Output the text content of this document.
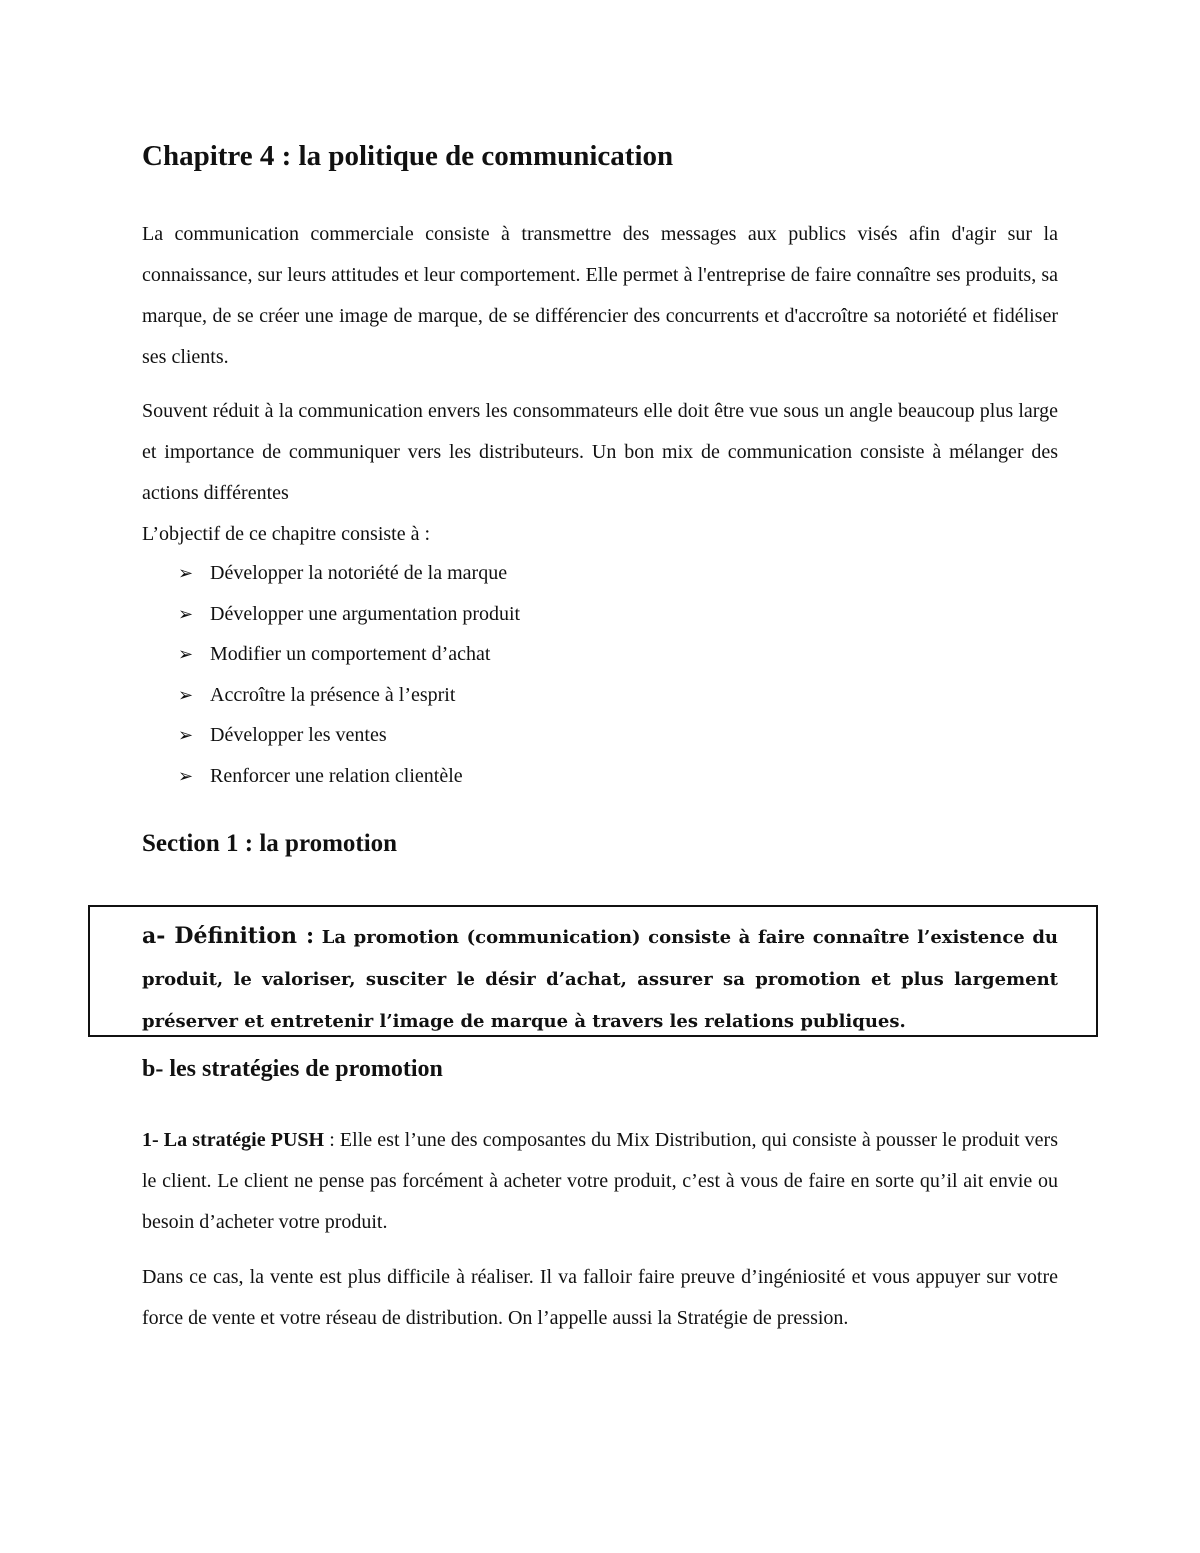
Chapitre 4 : la politique de communication
La communication commerciale consiste à transmettre des messages aux publics visés afin d'agir sur la connaissance, sur leurs attitudes et leur comportement. Elle permet à l'entreprise de faire connaître ses produits, sa marque, de se créer une image de marque, de se différencier des concurrents et d'accroître sa notoriété et fidéliser ses clients.
Souvent réduit à la communication envers les consommateurs elle doit être vue sous un angle beaucoup plus large et importance de communiquer vers les distributeurs. Un bon mix de communication consiste à mélanger des actions différentes
L’objectif de ce chapitre consiste à :
➢ Développer la notoriété de la marque
➢ Développer une argumentation produit
➢ Modifier un comportement d’achat
➢ Accroître la présence à l’esprit
➢ Développer les ventes
➢ Renforcer une relation clientèle
Section 1 : la promotion
a- Définition : La promotion (communication) consiste à faire connaître l’existence du produit, le valoriser, susciter le désir d’achat, assurer sa promotion et plus largement préserver et entretenir l’image de marque à travers les relations publiques.
b- les stratégies de promotion
1- La stratégie PUSH : Elle est l’une des composantes du Mix Distribution, qui consiste à pousser le produit vers le client. Le client ne pense pas forcément à acheter votre produit, c’est à vous de faire en sorte qu’il ait envie ou besoin d’acheter votre produit.
Dans ce cas, la vente est plus difficile à réaliser. Il va falloir faire preuve d’ingéniosité et vous appuyer sur votre force de vente et votre réseau de distribution. On l’appelle aussi la Stratégie de pression.
